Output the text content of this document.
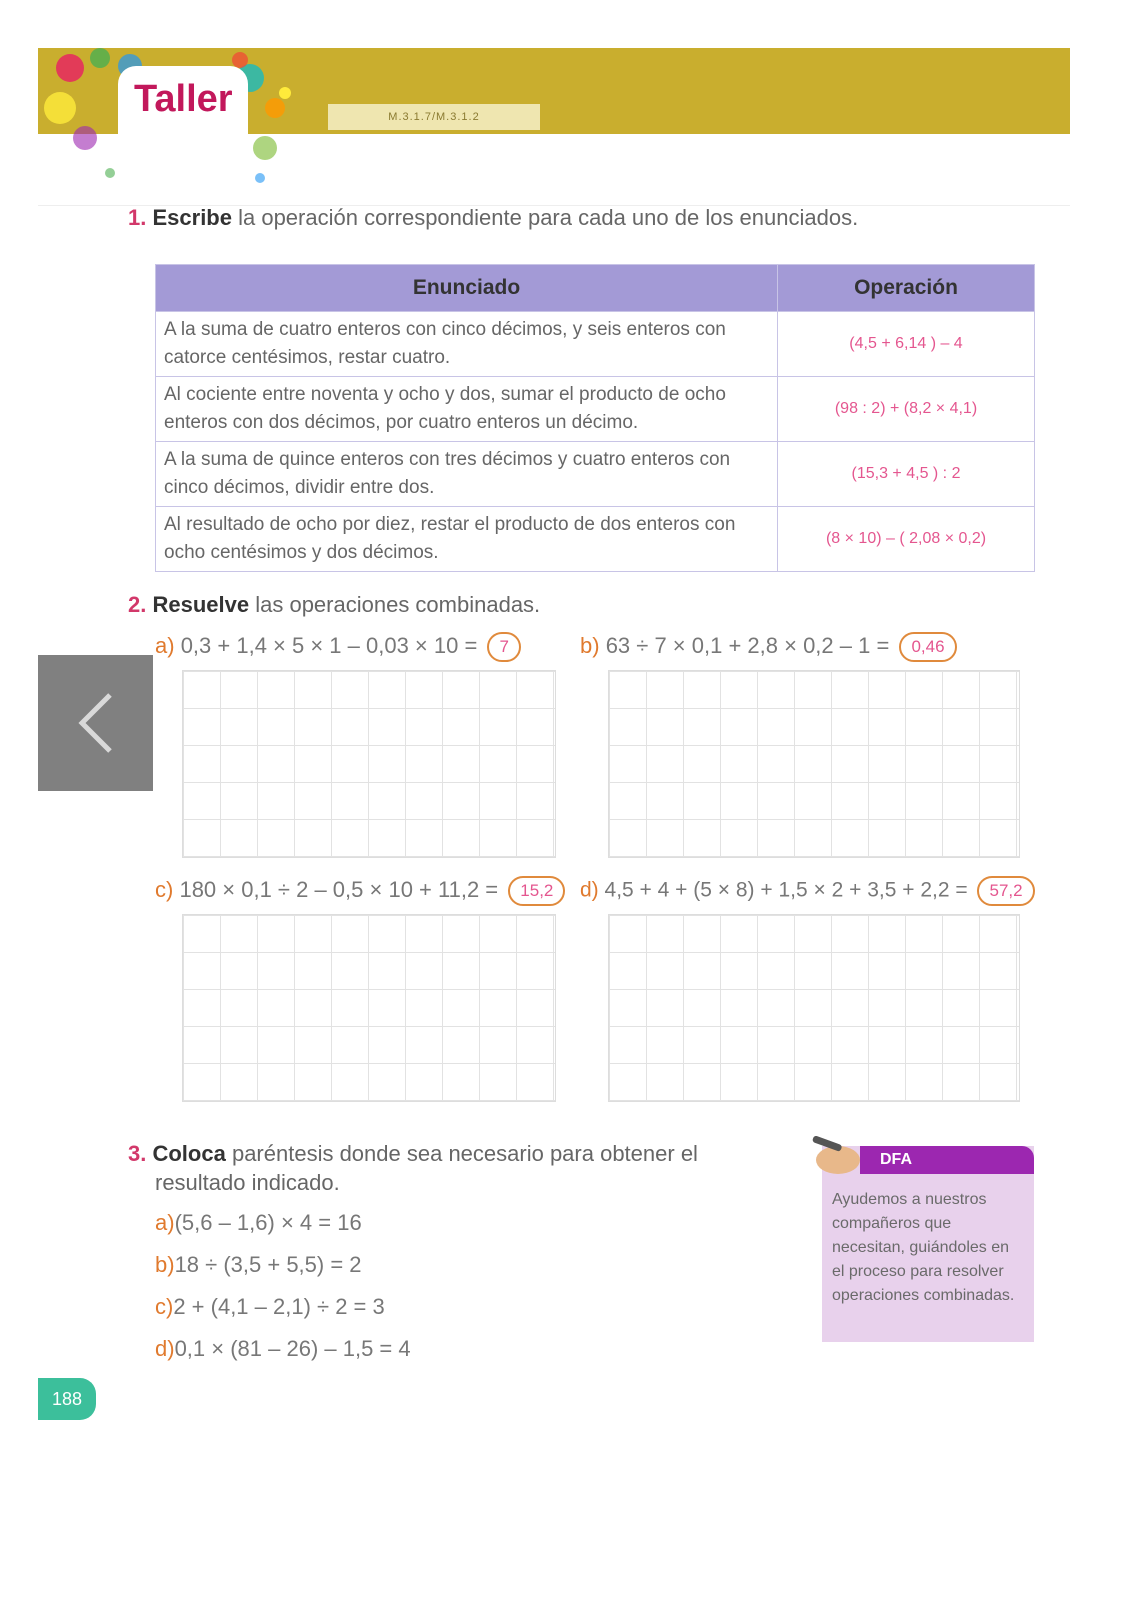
Taller	M.3.1.7/M.3.1.2
1. Escribe la operación correspondiente para cada uno de los enunciados.
Enunciado	Operación
A la suma de cuatro enteros con cinco décimos, y seis enteros con catorce centésimos, restar cuatro.	(4,5 + 6,14 ) – 4
Al cociente entre noventa y ocho y dos, sumar el producto de ocho enteros con dos décimos, por cuatro enteros un décimo.	(98 : 2) + (8,2 × 4,1)
A la suma de quince enteros con tres décimos y cuatro enteros con cinco décimos, dividir entre dos.	(15,3 + 4,5 ) : 2
Al resultado de ocho por diez, restar el producto de dos enteros con ocho centésimos y dos décimos.	(8 × 10) – ( 2,08 × 0,2)
2. Resuelve las operaciones combinadas.
a) 0,3 + 1,4 × 5 × 1 – 0,03 × 10 = 7	b) 63 ÷ 7 × 0,1 + 2,8 × 0,2 – 1 = 0,46
c) 180 × 0,1 ÷ 2 – 0,5 × 10 + 11,2 = 15,2	d) 4,5 + 4 + (5 × 8) + 1,5 × 2 + 3,5 + 2,2 = 57,2
3. Coloca paréntesis donde sea necesario para obtener el
resultado indicado.
a)(5,6 – 1,6) × 4 = 16
b)18 ÷ (3,5 + 5,5) = 2
c)2 + (4,1 – 2,1) ÷ 2 = 3
d)0,1 × (81 – 26) – 1,5 = 4
DFA
Ayudemos a nuestros compañeros que necesitan, guiándoles en el proceso para resolver operaciones combinadas.
188
